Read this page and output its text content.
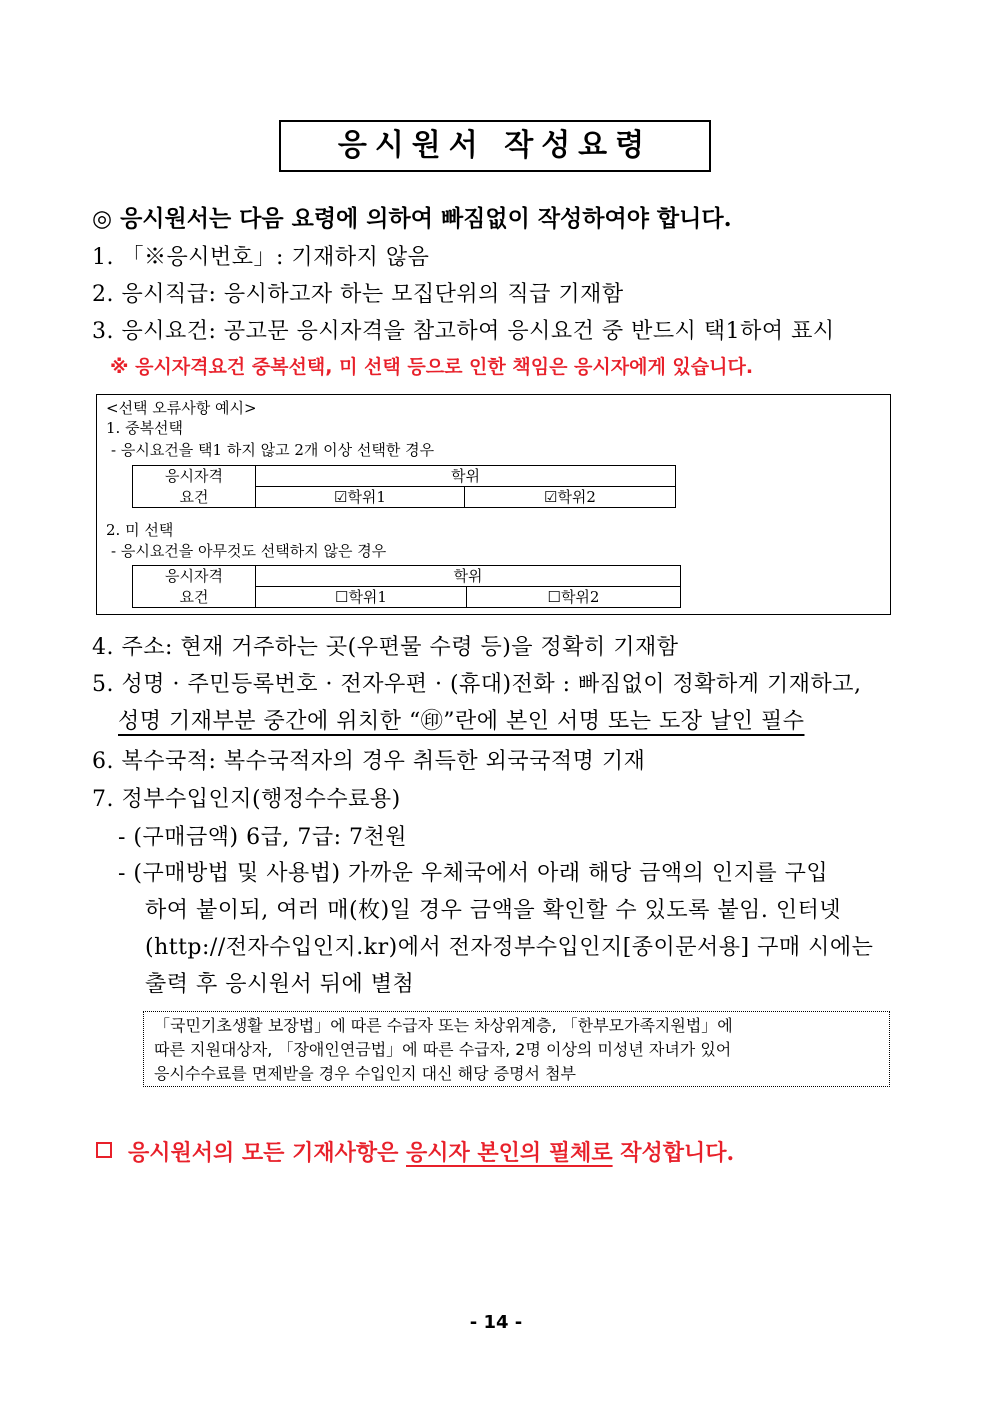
응시원서 작성요령
◎ 응시원서는 다음 요령에 의하여 빠짐없이 작성하여야 합니다.
1. 「※응시번호」: 기재하지 않음
2. 응시직급: 응시하고자 하는 모집단위의 직급 기재함
3. 응시요건: 공고문 응시자격을 참고하여 응시요건 중 반드시 택1하여 표시
※ 응시자격요건 중복선택, 미 선택 등으로 인한 책임은 응시자에게 있습니다.
<선택 오류사항 예시>
1. 중복선택
- 응시요건을 택1 하지 않고 2개 이상 선택한 경우
응시자격	학위	
요건	☑학위1	☑학위2
2. 미 선택
- 응시요건을 아무것도 선택하지 않은 경우
응시자격	학위	
요건	☐학위1	☐학위2
4. 주소: 현재 거주하는 곳(우편물 수령 등)을 정확히 기재함
5. 성명 · 주민등록번호 · 전자우편 · (휴대)전화 : 빠짐없이 정확하게 기재하고,
성명 기재부분 중간에 위치한 “㊞”란에 본인 서명 또는 도장 날인 필수
6. 복수국적: 복수국적자의 경우 취득한 외국국적명 기재
7. 정부수입인지(행정수수료용)
- (구매금액) 6급, 7급: 7천원
- (구매방법 및 사용법) 가까운 우체국에서 아래 해당 금액의 인지를 구입
하여 붙이되, 여러 매(枚)일 경우 금액을 확인할 수 있도록 붙임. 인터넷
(http://전자수입인지.kr)에서 전자정부수입인지[종이문서용] 구매 시에는
출력 후 응시원서 뒤에 별첨
「국민기초생활 보장법」에 따른 수급자 또는 차상위계층, 「한부모가족지원법」에
따른 지원대상자, 「장애인연금법」에 따른 수급자, 2명 이상의 미성년 자녀가 있어
응시수수료를 면제받을 경우 수입인지 대신 해당 증명서 첨부
응시원서의 모든 기재사항은 응시자 본인의 필체로 작성합니다.
- 14 -
